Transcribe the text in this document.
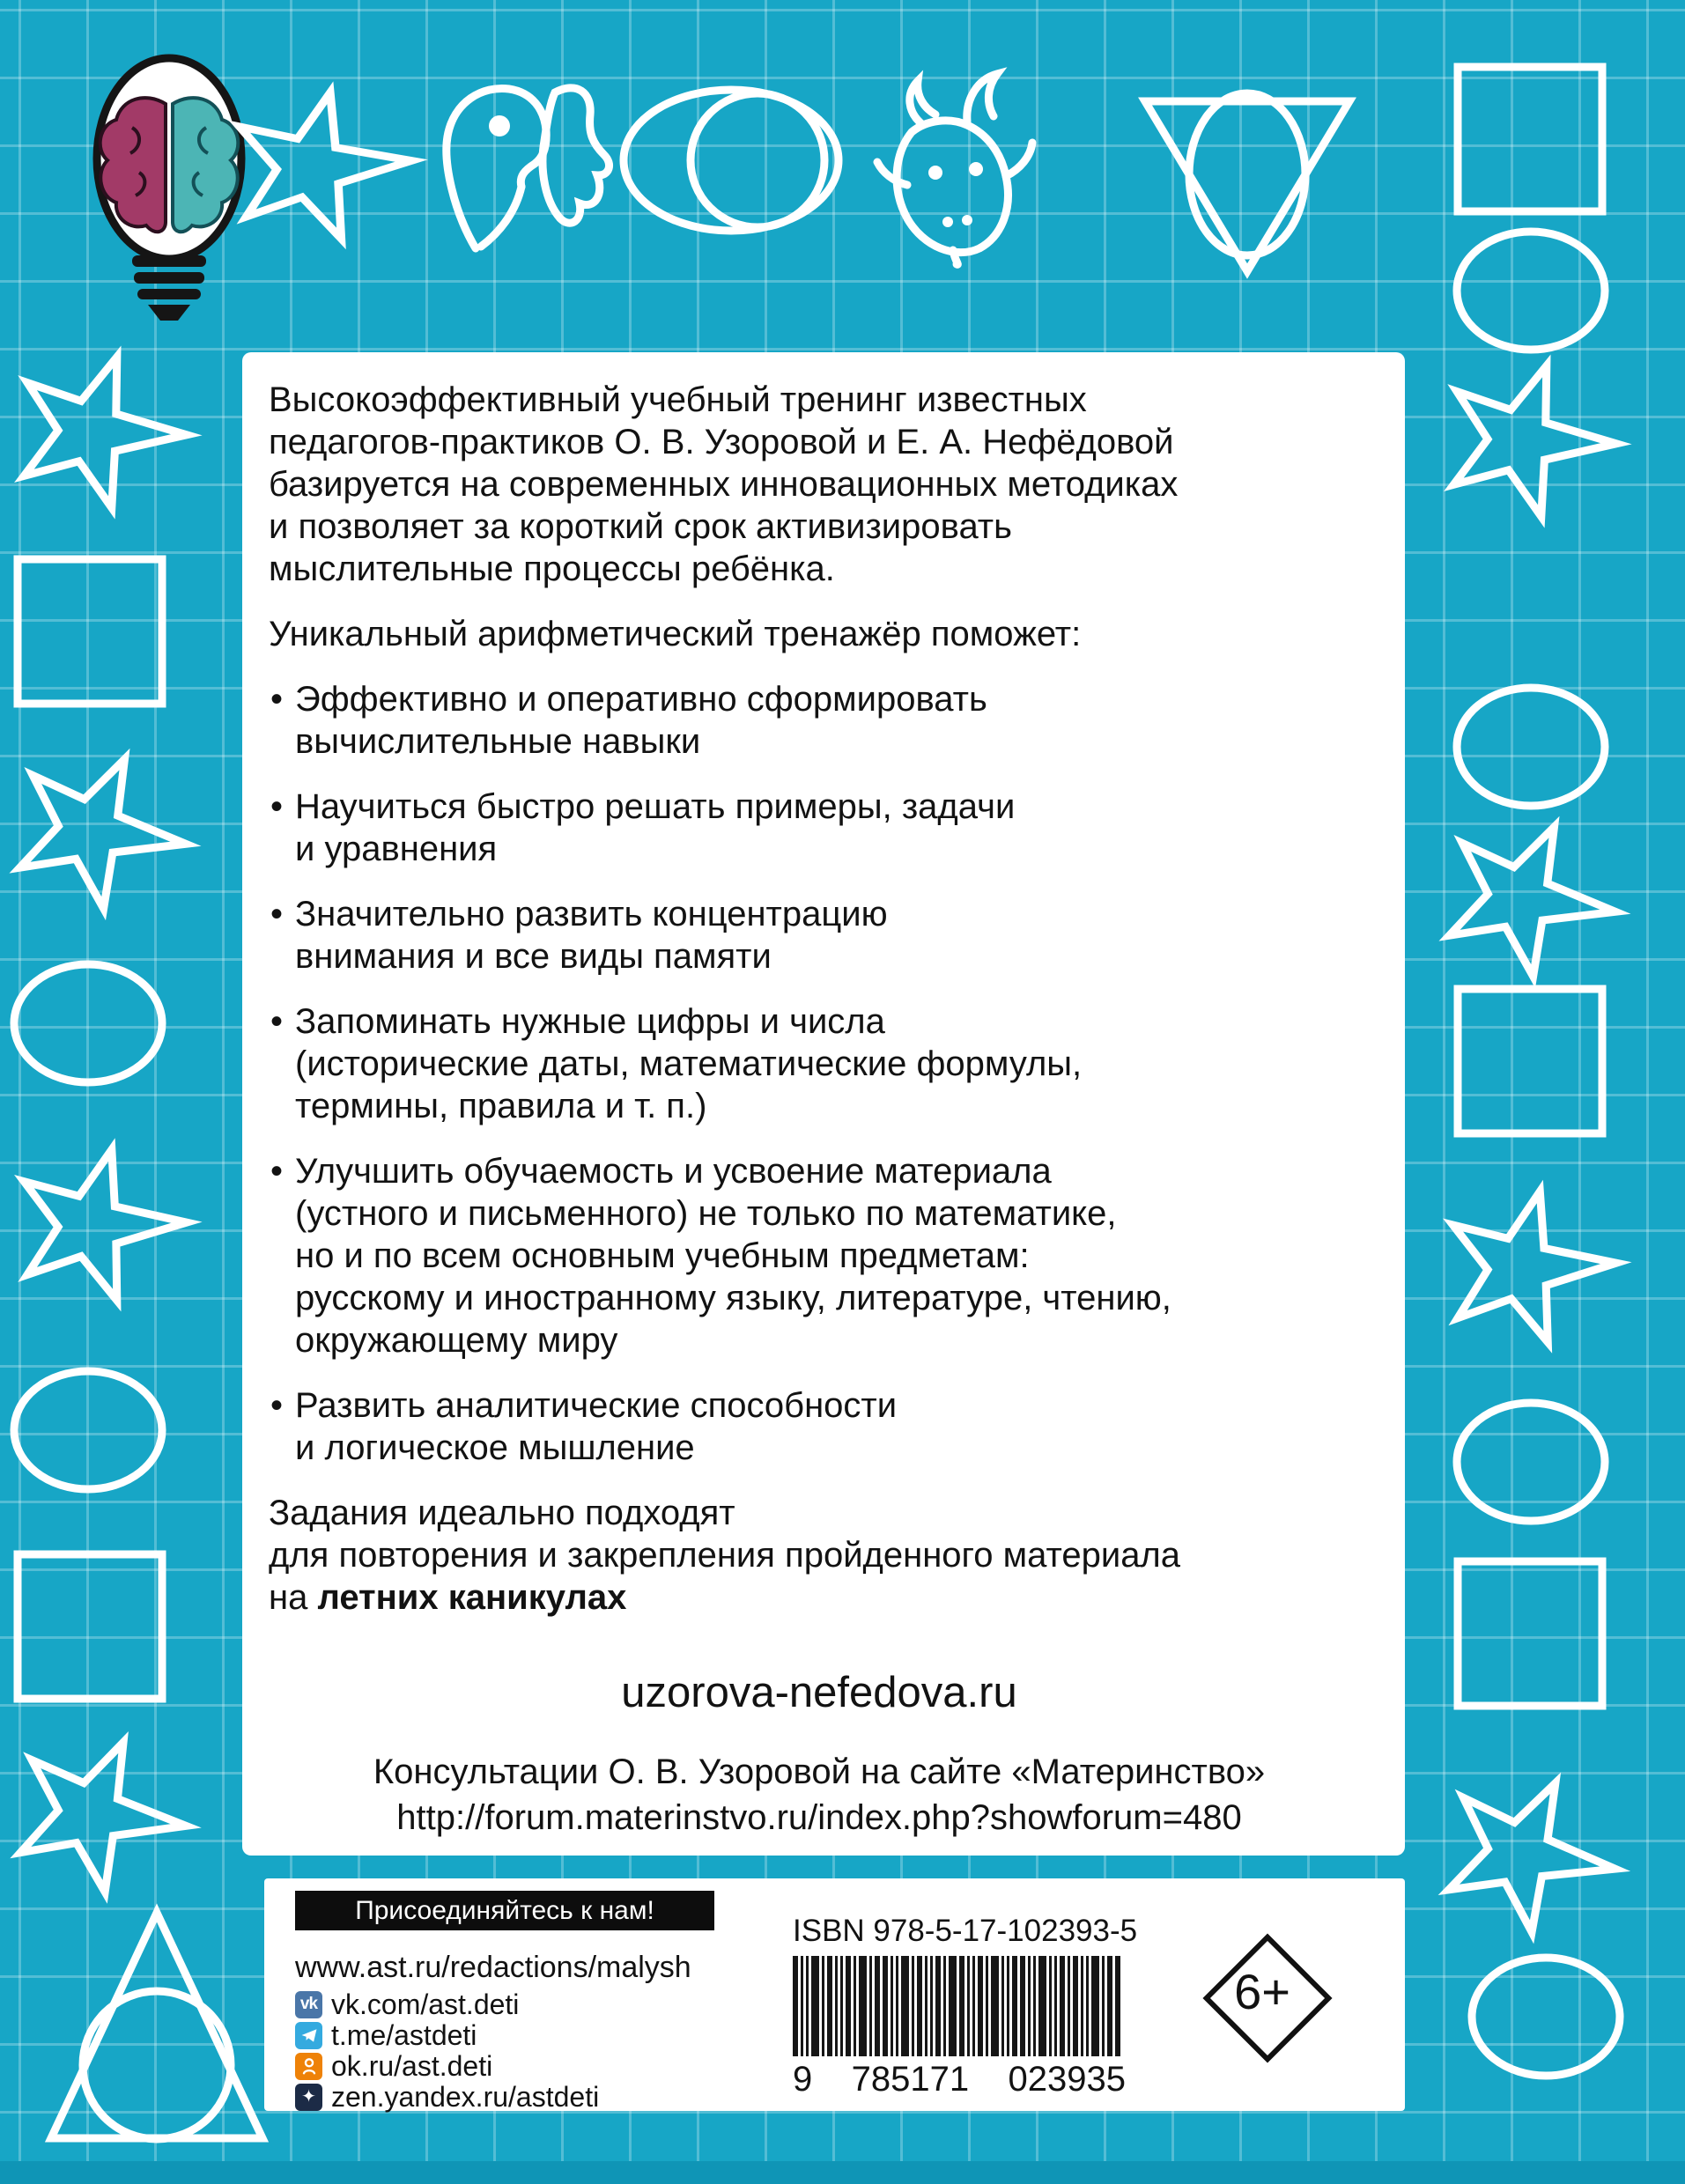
Высокоэффективный учебный тренинг известных
педагогов-практиков О. В. Узоровой и Е. А. Нефёдовой
базируется на современных инновационных методиках
и позволяет за короткий срок активизировать
мыслительные процессы ребёнка.
Уникальный арифметический тренажёр поможет:
• Эффективно и оперативно сформировать
вычислительные навыки
• Научиться быстро решать примеры, задачи
и уравнения
• Значительно развить концентрацию
внимания и все виды памяти
• Запоминать нужные цифры и числа
(исторические даты, математические формулы,
термины, правила и т. п.)
• Улучшить обучаемость и усвоение материала
(устного и письменного) не только по математике,
но и по всем основным учебным предметам:
русскому и иностранному языку, литературе, чтению,
окружающему миру
• Развить аналитические способности
и логическое мышление
Задания идеально подходят
для повторения и закрепления пройденного материала
на летних каникулах
uzorova-nefedova.ru
Консультации О. В. Узоровой на сайте «Материнство»
http://forum.materinstvo.ru/index.php?showforum=480
Присоединяйтесь к нам!
www.ast.ru/redactions/malysh
vk vk.com/ast.deti
t.me/astdeti
ok.ru/ast.deti
✦ zen.yandex.ru/astdeti
ISBN 978-5-17-102393-5
9 785171 023935
6+
